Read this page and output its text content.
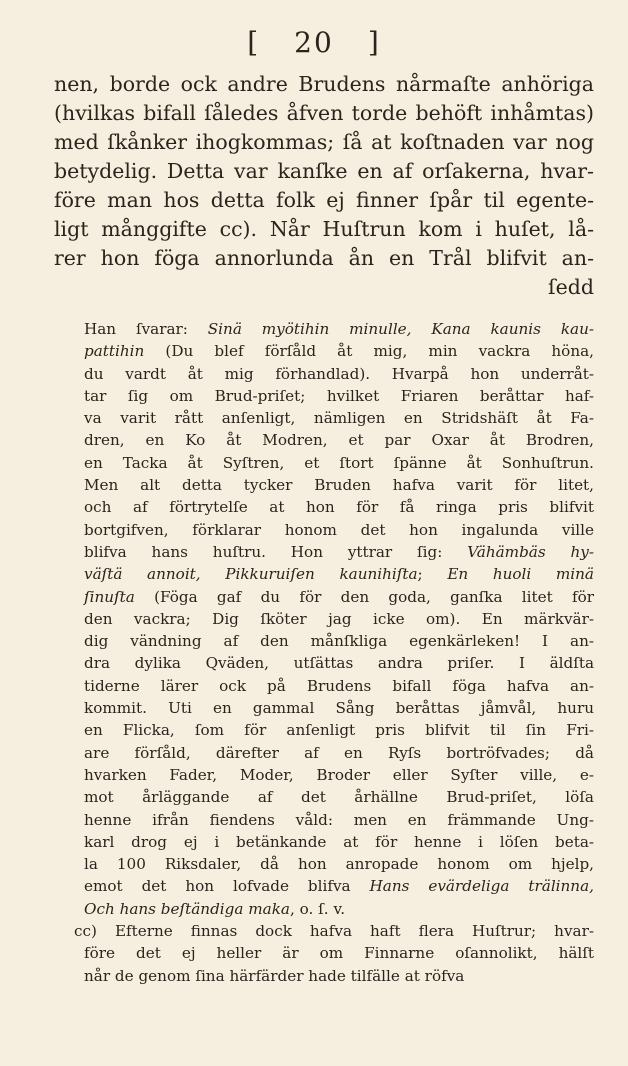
[ 20 ]
nen, borde ock andre Brudens nårmaſte anhöriga
(hvilkas bifall ſåledes åfven torde behöft inhåmtas)
med ſkånker ihogkommas; ſå at koſtnaden var nog
betydelig. Detta var kanſke en af orſakerna, hvar-
före man hos detta folk ej finner ſpår til egente-
ligt månggifte cc). Når Huſtrun kom i huſet, lå-
rer hon föga annorlunda ån en Trål blifvit an-
ſedd
Han ſvarar: Sinä myötihin minulle, Kana kaunis kau-
pattihin (Du blef förſåld åt mig, min vackra höna,
du vardt åt mig förhandlad). Hvarpå hon underråt-
tar ſig om Brud-priſet; hvilket Friaren beråttar haf-
va varit rått anſenligt, nämligen en Stridshäſt åt Fa-
dren, en Ko åt Modren, et par Oxar åt Brodren,
en Tacka åt Syſtren, et ſtort ſpänne åt Sonhuſtrun.
Men alt detta tycker Bruden hafva varit för litet,
och af förtrytelſe at hon för få ringa pris blifvit
bortgifven, förklarar honom det hon ingalunda ville
blifva hans huſtru. Hon yttrar ſig: Vähämbäs hy-
väſtä annoit, Pikkuruiſen kaunihiſta; En huoli minä
ſinuſta (Föga gaf du för den goda, ganſka litet för
den vackra; Dig ſköter jag icke om). En märkvär-
dig vändning af den månſkliga egenkärleken! I an-
dra dylika Qväden, utſättas andra priſer. I äldſta
tiderne lärer ock på Brudens bifall föga hafva an-
kommit. Uti en gammal Sång beråttas jåmvål, huru
en Flicka, ſom för anſenligt pris blifvit til ſin Fri-
are förſåld, därefter af en Ryſs bortröfvades; då
hvarken Fader, Moder, Broder eller Syſter ville, e-
mot årläggande af det århällne Brud-priſet, löſa
henne ifrån fiendens våld: men en främmande Ung-
karl drog ej i betänkande at för henne i löſen beta-
la 100 Riksdaler, då hon anropade honom om hjelp,
emot det hon lofvade blifva Hans evärdeliga trälinna,
Och hans beſtändiga maka, o. ſ. v.
cc) Efterne finnas dock hafva haft flera Huſtrur; hvar-
före det ej heller är om Finnarne oſannolikt, hälſt
når de genom ſina härfärder hade tilfälle at röfva
